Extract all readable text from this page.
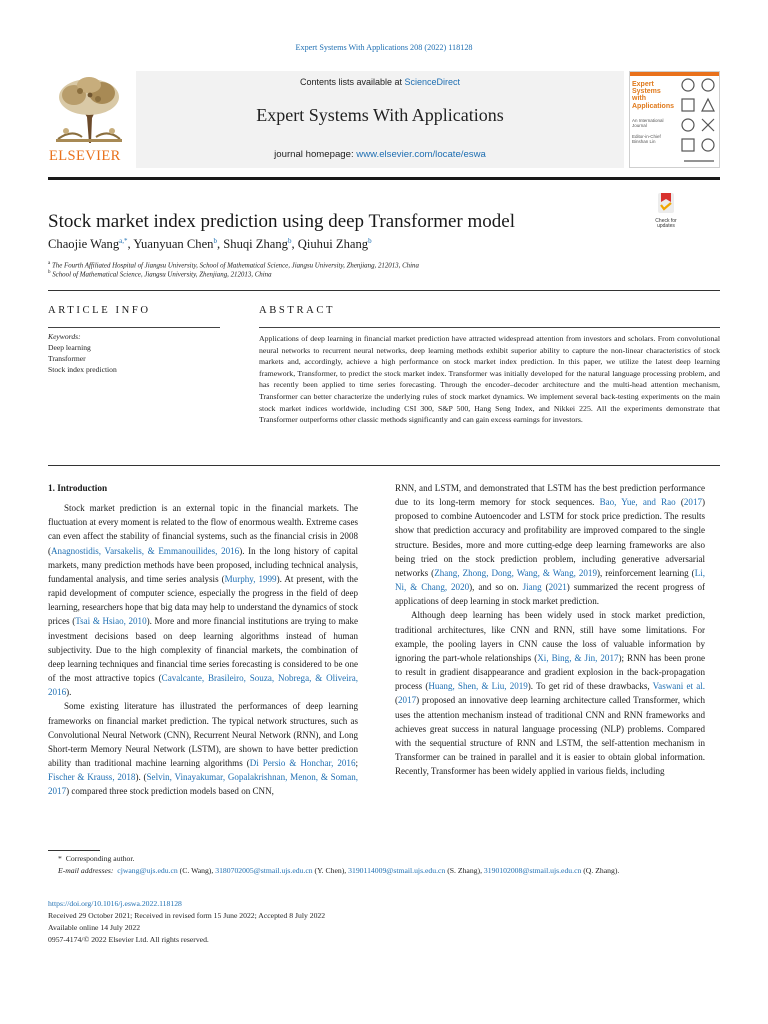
Expert Systems With Applications 208 (2022) 118128
ELSEVIER
Contents lists available at ScienceDirect
Expert Systems With Applications
journal homepage: www.elsevier.com/locate/eswa
Expert
Systems
with
Applications
An International
Journal
Editor-in-Chief
Binshan Lin
Stock market index prediction using deep Transformer model	Check for
updates
Chaojie Wang$^{a,*}$, Yuanyuan Chen$^b$, Shuqi Zhang$^b$, Qiuhui Zhang$^b$
$^a$ The Fourth Affiliated Hospital of Jiangsu University, School of Mathematical Science, Jiangsu University, Zhenjiang, 212013, China
$^b$ School of Mathematical Science, Jiangsu University, Zhenjiang, 212013, China
ARTICLE INFO	ABSTRACT
Keywords:
Deep learning
Transformer
Stock index prediction
Applications of deep learning in financial market prediction have attracted widespread attention from investors and scholars. From convolutional neural networks to recurrent neural networks, deep learning methods exhibit superior ability to capture the non-linear characteristics of stock markets and, accordingly, achieve a high performance on stock market index prediction. In this paper, we utilize the latest deep learning framework, Transformer, to predict the stock market index. Transformer was initially developed for the natural language processing problem, and has recently been applied to time series forecasting. Through the encoder–decoder architecture and the multi-head attention mechanism, Transformer can better characterize the underlying rules of stock market dynamics. We implement several back-testing experiments on the main stock market indices worldwide, including CSI 300, S&P 500, Hang Seng Index, and Nikkei 225. All the experiments demonstrate that Transformer outperforms other classic methods significantly and can gain excess earnings for investors.
1. Introduction

Stock market prediction is an external topic in the financial markets. The fluctuation at every moment is related to the flow of enormous wealth. Extreme cases can even affect the stability of financial systems, such as the financial crisis in 2008 (Anagnostidis, Varsakelis, & Emmanouilides, 2016). In the long history of capital markets, many prediction methods have been proposed, including technical analysis, fundamental analysis, and time series analysis (Murphy, 1999). At present, with the rapid development of computer science, especially the progress in the field of deep learning, researchers hope that big data may help to understand the dynamics of stock prices (Tsai & Hsiao, 2010). More and more financial institutions are trying to make investment decisions based on deep learning algorithms instead of human subjectivity. Due to the high complexity of financial markets, the combination of deep learning techniques and financial time series forecasting is considered to be one of the most attractive topics (Cavalcante, Brasileiro, Souza, Nobrega, & Oliveira, 2016).

Some existing literature has illustrated the performances of deep learning frameworks on financial market prediction. The typical network structures, such as Convolutional Neural Network (CNN), Recurrent Neural Network (RNN), and Long Short-term Memory Neural Network (LSTM), are shown to have better prediction ability than traditional machine learning algorithms (Di Persio & Honchar, 2016; Fischer & Krauss, 2018). (Selvin, Vinayakumar, Gopalakrishnan, Menon, & Soman, 2017) compared three stock prediction models based on CNN,

RNN, and LSTM, and demonstrated that LSTM has the best prediction performance due to its long-term memory for stock sequences. Bao, Yue, and Rao (2017) proposed to combine Autoencoder and LSTM for stock price prediction. The results show that prediction accuracy and profitability are improved compared to the single structure. Besides, more and more cutting-edge deep learning frameworks are also being tried on the stock prediction problem, including generative adversarial networks (Zhang, Zhong, Dong, Wang, & Wang, 2019), reinforcement learning (Li, Ni, & Chang, 2020), and so on. Jiang (2021) summarized the recent progress of applications of deep learning in stock market prediction.

Although deep learning has been widely used in stock market prediction, traditional architectures, like CNN and RNN, still have some limitations. For example, the pooling layers in CNN cause the loss of valuable information by ignoring the part-whole relationships (Xi, Bing, & Jin, 2017); RNN has been prone to result in gradient disappearance and gradient explosion in the back-propagation process (Huang, Shen, & Liu, 2019). To get rid of these drawbacks, Vaswani et al. (2017) proposed an innovative deep learning architecture called Transformer, which uses the attention mechanism instead of traditional CNN and RNN frameworks and achieves great success in natural language processing (NLP) problems. Compared with the sequential structure of RNN and LSTM, the self-attention mechanism in Transformer can be trained in parallel and it is easier to obtain global information. Recently, Transformer has been widely applied in various fields, including

* Corresponding author.
E-mail addresses: cjwang@ujs.edu.cn (C. Wang), 3180702005@stmail.ujs.edu.cn (Y. Chen), 3190114009@stmail.ujs.edu.cn (S. Zhang), 3190102008@stmail.ujs.edu.cn (Q. Zhang).
https://doi.org/10.1016/j.eswa.2022.118128
Received 29 October 2021; Received in revised form 15 June 2022; Accepted 8 July 2022
Available online 14 July 2022
0957-4174/© 2022 Elsevier Ltd. All rights reserved.
